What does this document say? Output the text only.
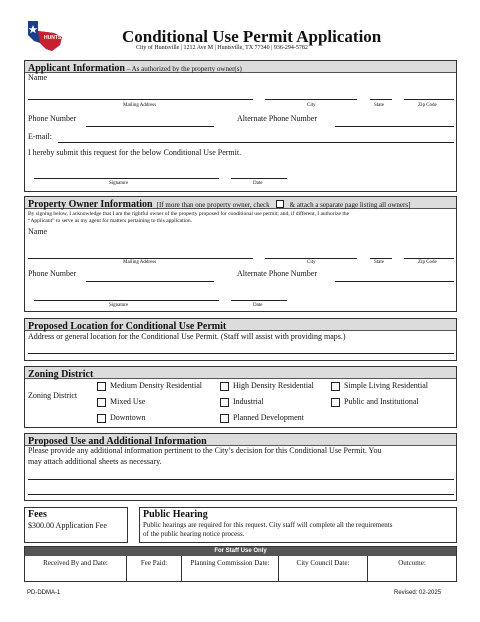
HUNTSVILLE	Conditional Use Permit Application
City of Huntsville | 1212 Ave M | Huntsville, TX 77340 | 936-294-5782
Applicant Information – As authorized by the property owner(s)
Name
Mailing Address	City	State	Zip Code
Phone Number	Alternate Phone Number
E-mail:
I hereby submit this request for the below Conditional Use Permit.
Signature	Date
Property Owner Information [If more than one property owner, check	& attach a separate page listing all owners]
By signing below, I acknowledge that I am the rightful owner of the property proposed for conditional use permit; and, if different, I authorize the
“Applicant” to serve as my agent for matters pertaining to this application.
Name
Mailing Address	City	State	Zip Code
Phone Number	Alternate Phone Number
Signature	Date
Proposed Location for Conditional Use Permit
Address or general location for the Conditional Use Permit. (Staff will assist with providing maps.)
Zoning District
Zoning District
Medium Density Residential	High Density Residential	Simple Living Residential
Mixed Use	Industrial	Public and Institutional
Downtown	Planned Development
Proposed Use and Additional Information
Please provide any additional information pertinent to the City’s decision for this Conditional Use Permit. You
may attach additional sheets as necessary.
Fees
$300.00 Application Fee
Public Hearing
Public hearings are required for this request. City staff will complete all the requirements
of the public hearing notice process.
For Staff Use Only
Received By and Date:	Fee Paid:	Planning Commission Date:	City Council Date:	Outcome:
PD-DDMA-1	Revised: 02-2025
